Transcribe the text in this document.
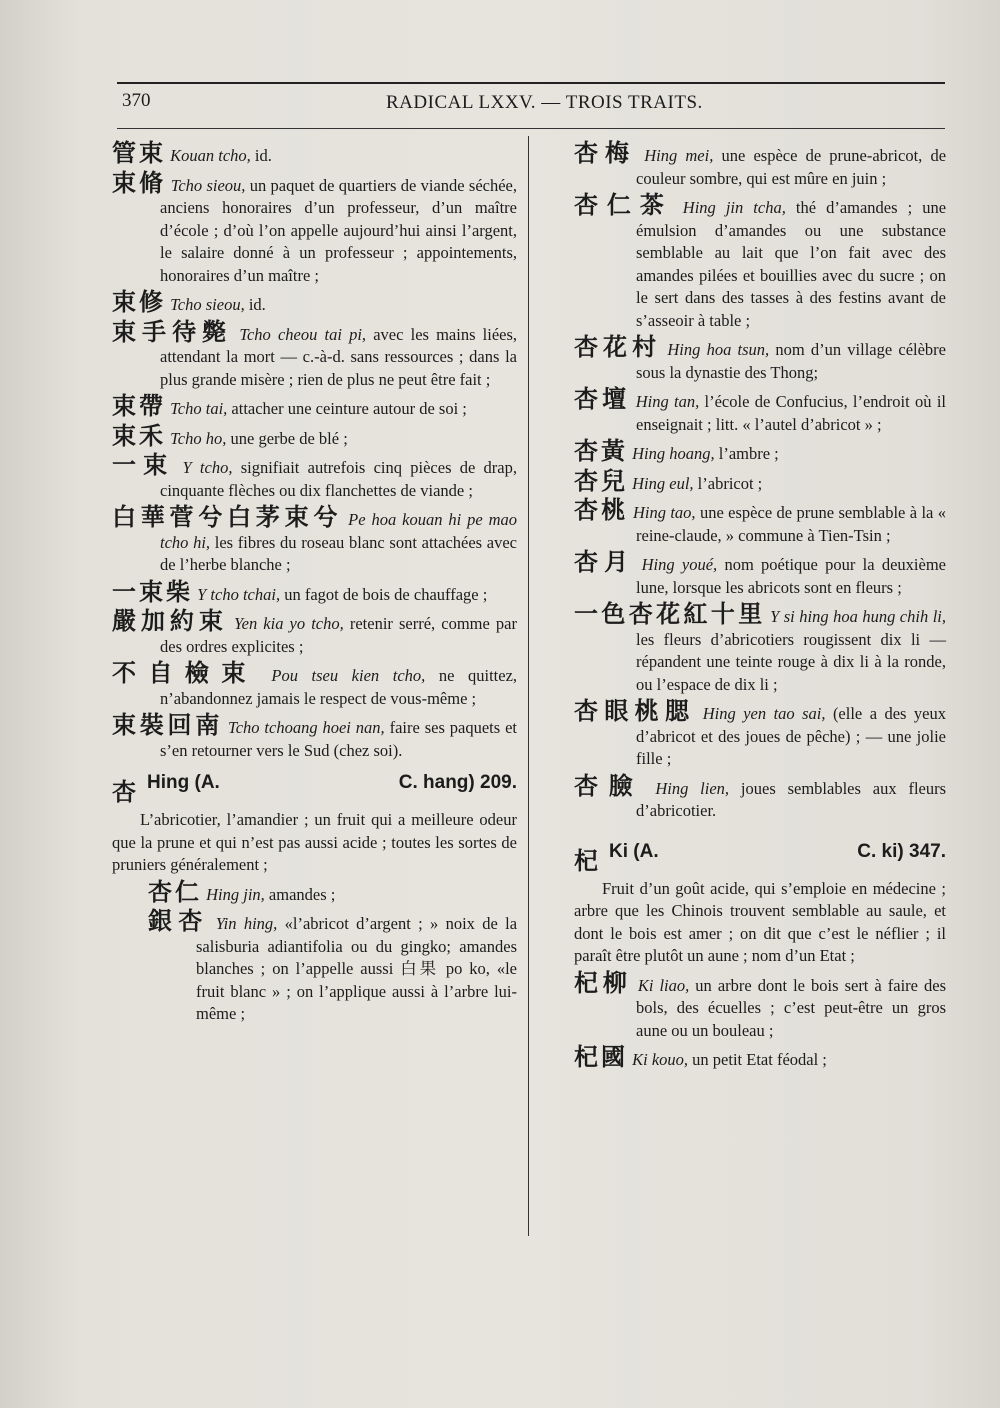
370	RADICAL LXXV. — TROIS TRAITS.
管束 Kouan tcho, id.
束脩 Tcho sieou, un paquet de quartiers de viande séchée, anciens honoraires d’un professeur, d’un maître d’école ; d’où l’on appelle aujourd’hui ainsi l’argent, le salaire donné à un professeur ; appointements, honoraires d’un maître ;
束修 Tcho sieou, id.
束手待斃 Tcho cheou tai pi, avec les mains liées, attendant la mort — c.-à-d. sans ressources ; dans la plus grande misère ; rien de plus ne peut être fait ;
束帶 Tcho tai, attacher une ceinture autour de soi ;
束禾 Tcho ho, une gerbe de blé ;
一束 Y tcho, signifiait autrefois cinq pièces de drap, cinquante flèches ou dix flanchettes de viande ;
白華菅兮白茅束兮 Pe hoa kouan hi pe mao tcho hi, les fibres du roseau blanc sont attachées avec de l’herbe blanche ;
一束柴 Y tcho tchai, un fagot de bois de chauffage ;
嚴加約束 Yen kia yo tcho, retenir serré, comme par des ordres explicites ;
不自檢束 Pou tseu kien tcho, ne quittez, n’abandonnez jamais le respect de vous-même ;
束裝回南 Tcho tchoang hoei nan, faire ses paquets et s’en retourner vers le Sud (chez soi).
杏 Hing (A.	C. hang) 209.
L’abricotier, l’amandier ; un fruit qui a meilleure odeur que la prune et qui n’est pas aussi acide ; toutes les sortes de pruniers généralement ;
杏仁 Hing jin, amandes ;
銀杏 Yin hing, «l’abricot d’argent ; » noix de la salisburia adiantifolia ou du gingko; amandes blanches ; on l’appelle aussi 白果 po ko, «le fruit blanc » ; on l’applique aussi à l’arbre lui-même ;
杏梅 Hing mei, une espèce de prune-abricot, de couleur sombre, qui est mûre en juin ;
杏仁茶 Hing jin tcha, thé d’amandes ; une émulsion d’amandes ou une substance semblable au lait que l’on fait avec des amandes pilées et bouillies avec du sucre ; on le sert dans des tasses à des festins avant de s’asseoir à table ;
杏花村 Hing hoa tsun, nom d’un village célèbre sous la dynastie des Thong;
杏壇 Hing tan, l’école de Confucius, l’endroit où il enseignait ; litt. « l’autel d’abricot » ;
杏黃 Hing hoang, l’ambre ;
杏兒 Hing eul, l’abricot ;
杏桃 Hing tao, une espèce de prune semblable à la « reine-claude, » commune à Tien-Tsin ;
杏月 Hing youé, nom poétique pour la deuxième lune, lorsque les abricots sont en fleurs ;
一色杏花紅十里 Y si hing hoa hung chih li, les fleurs d’abricotiers rougissent dix li — répandent une teinte rouge à dix li à la ronde, ou l’espace de dix li ;
杏眼桃腮 Hing yen tao sai, (elle a des yeux d’abricot et des joues de pêche) ; — une jolie fille ;
杏臉 Hing lien, joues semblables aux fleurs d’abricotier.
杞 Ki (A.	C. ki) 347.
Fruit d’un goût acide, qui s’emploie en médecine ; arbre que les Chinois trouvent semblable au saule, et dont le bois est amer ; on dit que c’est le néflier ; il paraît être plutôt un aune ; nom d’un Etat ;
杞柳 Ki liao, un arbre dont le bois sert à faire des bols, des écuelles ; c’est peut-être un gros aune ou un bouleau ;
杞國 Ki kouo, un petit Etat féodal ;
